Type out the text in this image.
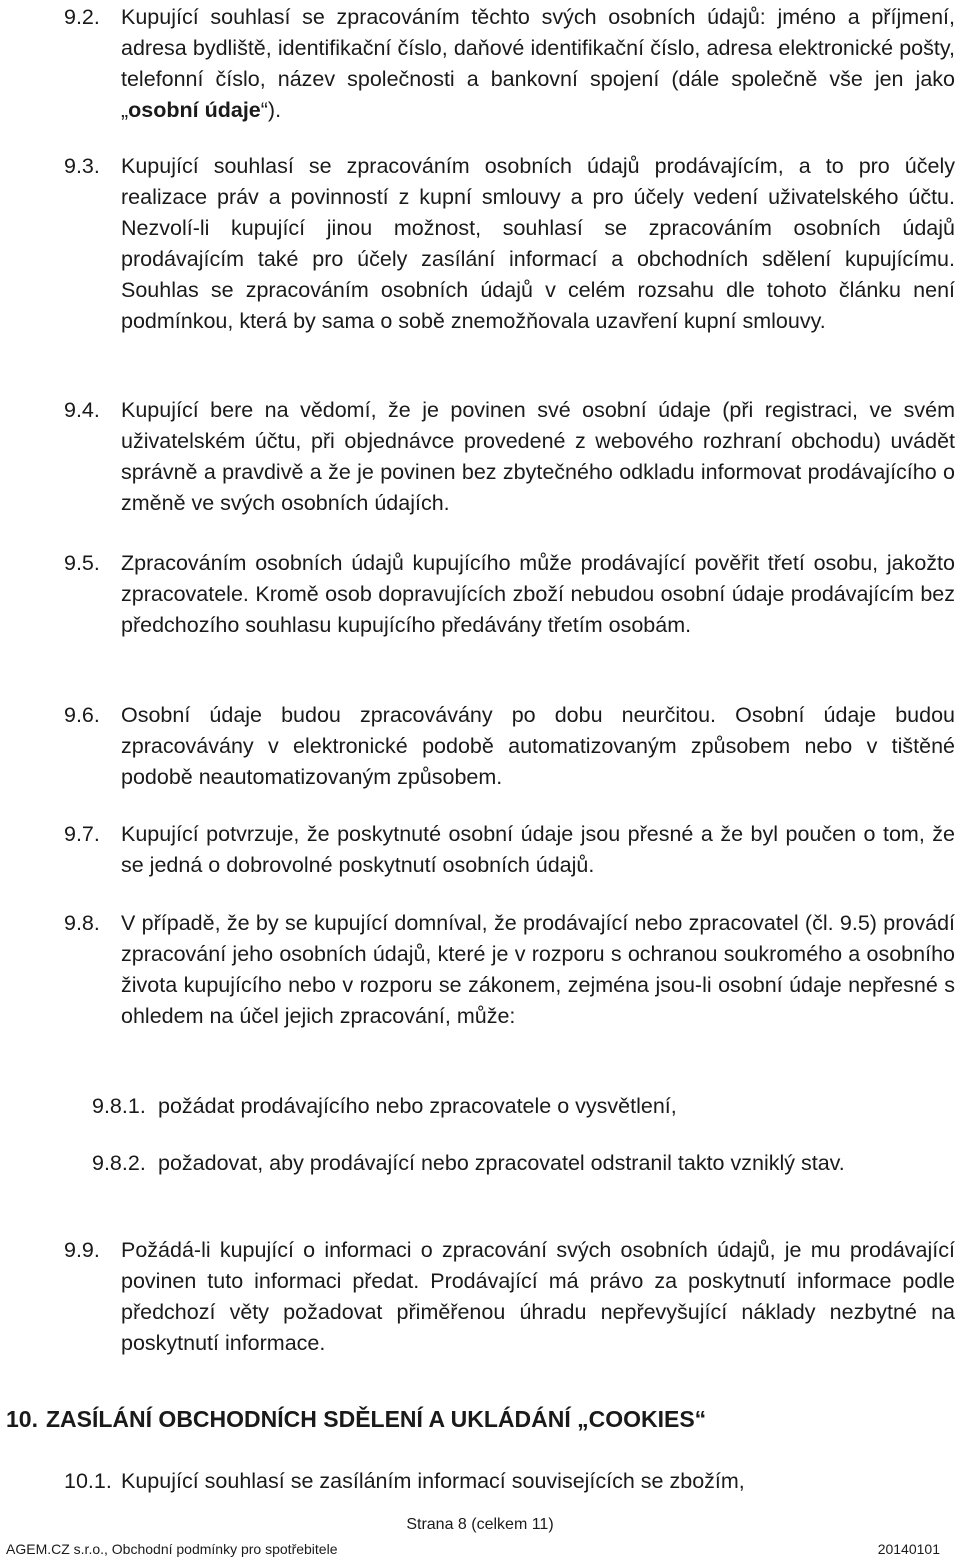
9.2. Kupující souhlasí se zpracováním těchto svých osobních údajů: jméno a příjmení, adresa bydliště, identifikační číslo, daňové identifikační číslo, adresa elektronické pošty, telefonní číslo, název společnosti a bankovní spojení (dále společně vše jen jako „osobní údaje“).
9.3. Kupující souhlasí se zpracováním osobních údajů prodávajícím, a to pro účely realizace práv a povinností z kupní smlouvy a pro účely vedení uživatelského účtu. Nezvolí-li kupující jinou možnost, souhlasí se zpracováním osobních údajů prodávajícím také pro účely zasílání informací a obchodních sdělení kupujícímu. Souhlas se zpracováním osobních údajů v celém rozsahu dle tohoto článku není podmínkou, která by sama o sobě znemožňovala uzavření kupní smlouvy.
9.4. Kupující bere na vědomí, že je povinen své osobní údaje (při registraci, ve svém uživatelském účtu, při objednávce provedené z webového rozhraní obchodu) uvádět správně a pravdivě a že je povinen bez zbytečného odkladu informovat prodávajícího o změně ve svých osobních údajích.
9.5. Zpracováním osobních údajů kupujícího může prodávající pověřit třetí osobu, jakožto zpracovatele. Kromě osob dopravujících zboží nebudou osobní údaje prodávajícím bez předchozího souhlasu kupujícího předávány třetím osobám.
9.6. Osobní údaje budou zpracovávány po dobu neurčitou. Osobní údaje budou zpracovávány v elektronické podobě automatizovaným způsobem nebo v tištěné podobě neautomatizovaným způsobem.
9.7. Kupující potvrzuje, že poskytnuté osobní údaje jsou přesné a že byl poučen o tom, že se jedná o dobrovolné poskytnutí osobních údajů.
9.8. V případě, že by se kupující domníval, že prodávající nebo zpracovatel (čl. 9.5) provádí zpracování jeho osobních údajů, které je v rozporu s ochranou soukromého a osobního života kupujícího nebo v rozporu se zákonem, zejména jsou-li osobní údaje nepřesné s ohledem na účel jejich zpracování, může:
9.8.1. požádat prodávajícího nebo zpracovatele o vysvětlení,
9.8.2. požadovat, aby prodávající nebo zpracovatel odstranil takto vzniklý stav.
9.9. Požádá-li kupující o informaci o zpracování svých osobních údajů, je mu prodávající povinen tuto informaci předat. Prodávající má právo za poskytnutí informace podle předchozí věty požadovat přiměřenou úhradu nepřevyšující náklady nezbytné na poskytnutí informace.
10. ZASÍLÁNÍ OBCHODNÍCH SDĚLENÍ A UKLÁDÁNÍ „COOKIES“
10.1. Kupující souhlasí se zasíláním informací souvisejících se zbožím,
Strana 8 (celkem 11)
AGEM.CZ s.r.o., Obchodní podmínky pro spotřebitele	20140101
